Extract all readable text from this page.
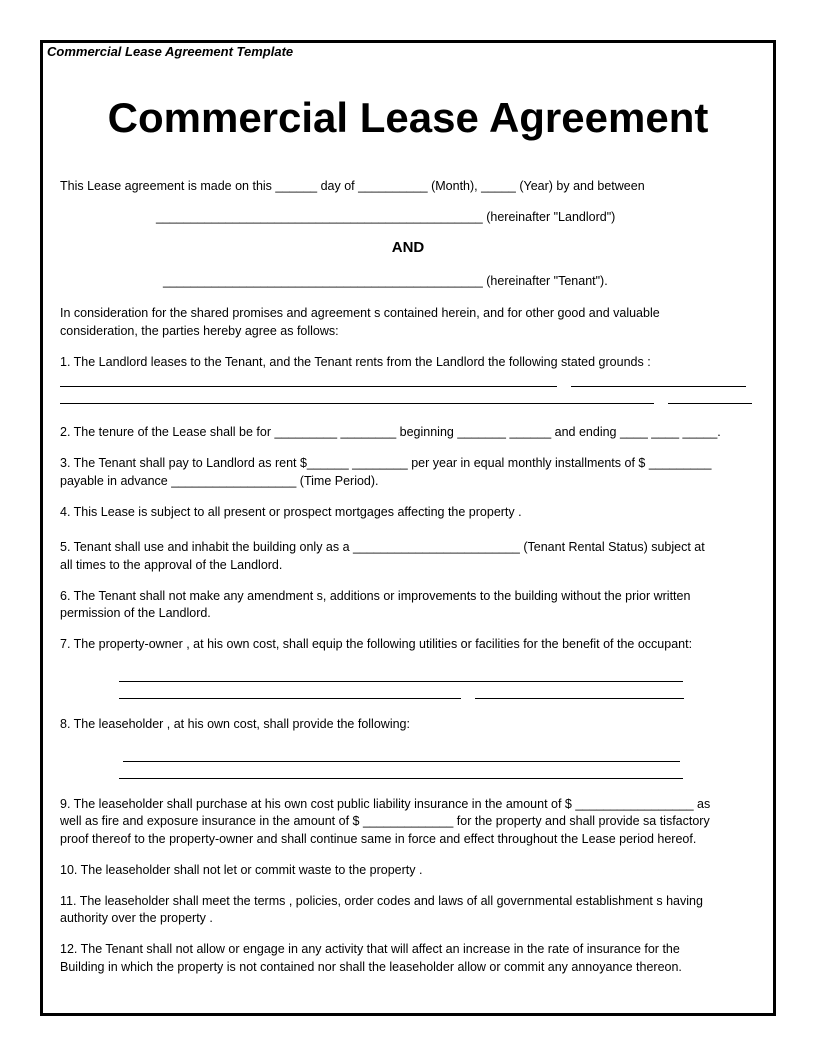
Commercial Lease Agreement Template
Commercial Lease Agreement
This Lease agreement is made on this ______ day of __________ (Month), _____ (Year) by and between
_______________________________________________ (hereinafter "Landlord")
AND
______________________________________________ (hereinafter "Tenant").
In consideration for the shared promises and agreement s contained herein, and for other good and valuable
consideration, the parties hereby agree as follows:
1. The Landlord leases to the Tenant, and the Tenant rents from the Landlord the following stated grounds :
2. The tenure of the Lease shall be for _________ ________ beginning _______ ______ and ending ____ ____ _____.
3. The Tenant shall pay to Landlord as rent $______ ________ per year in equal monthly installments of $ _________
payable in advance __________________ (Time Period).
4. This Lease is subject to all present or prospect mortgages affecting the property .
5. Tenant shall use and inhabit the building only as a ________________________ (Tenant Rental Status) subject at
all times to the approval of the Landlord.
6. The Tenant shall not make any amendment s, additions or improvements to the building without the prior written
permission of the Landlord.
7. The property-owner , at his own cost, shall equip the following utilities or facilities for the benefit of the occupant:
8. The leaseholder , at his own cost, shall provide the following:
9. The leaseholder shall purchase at his own cost public liability insurance in the amount of $ _________________ as
well as fire and exposure insurance in the amount of $ _____________ for the property and shall provide sa tisfactory
proof thereof to the property-owner and shall continue same in force and effect throughout the Lease period hereof.
10. The leaseholder shall not let or commit waste to the property .
11. The leaseholder shall meet the terms , policies, order codes and laws of all governmental establishment s having
authority over the property .
12. The Tenant shall not allow or engage in any activity that will affect an increase in the rate of insurance for the
Building in which the property is not contained nor shall the leaseholder allow or commit any annoyance thereon.
